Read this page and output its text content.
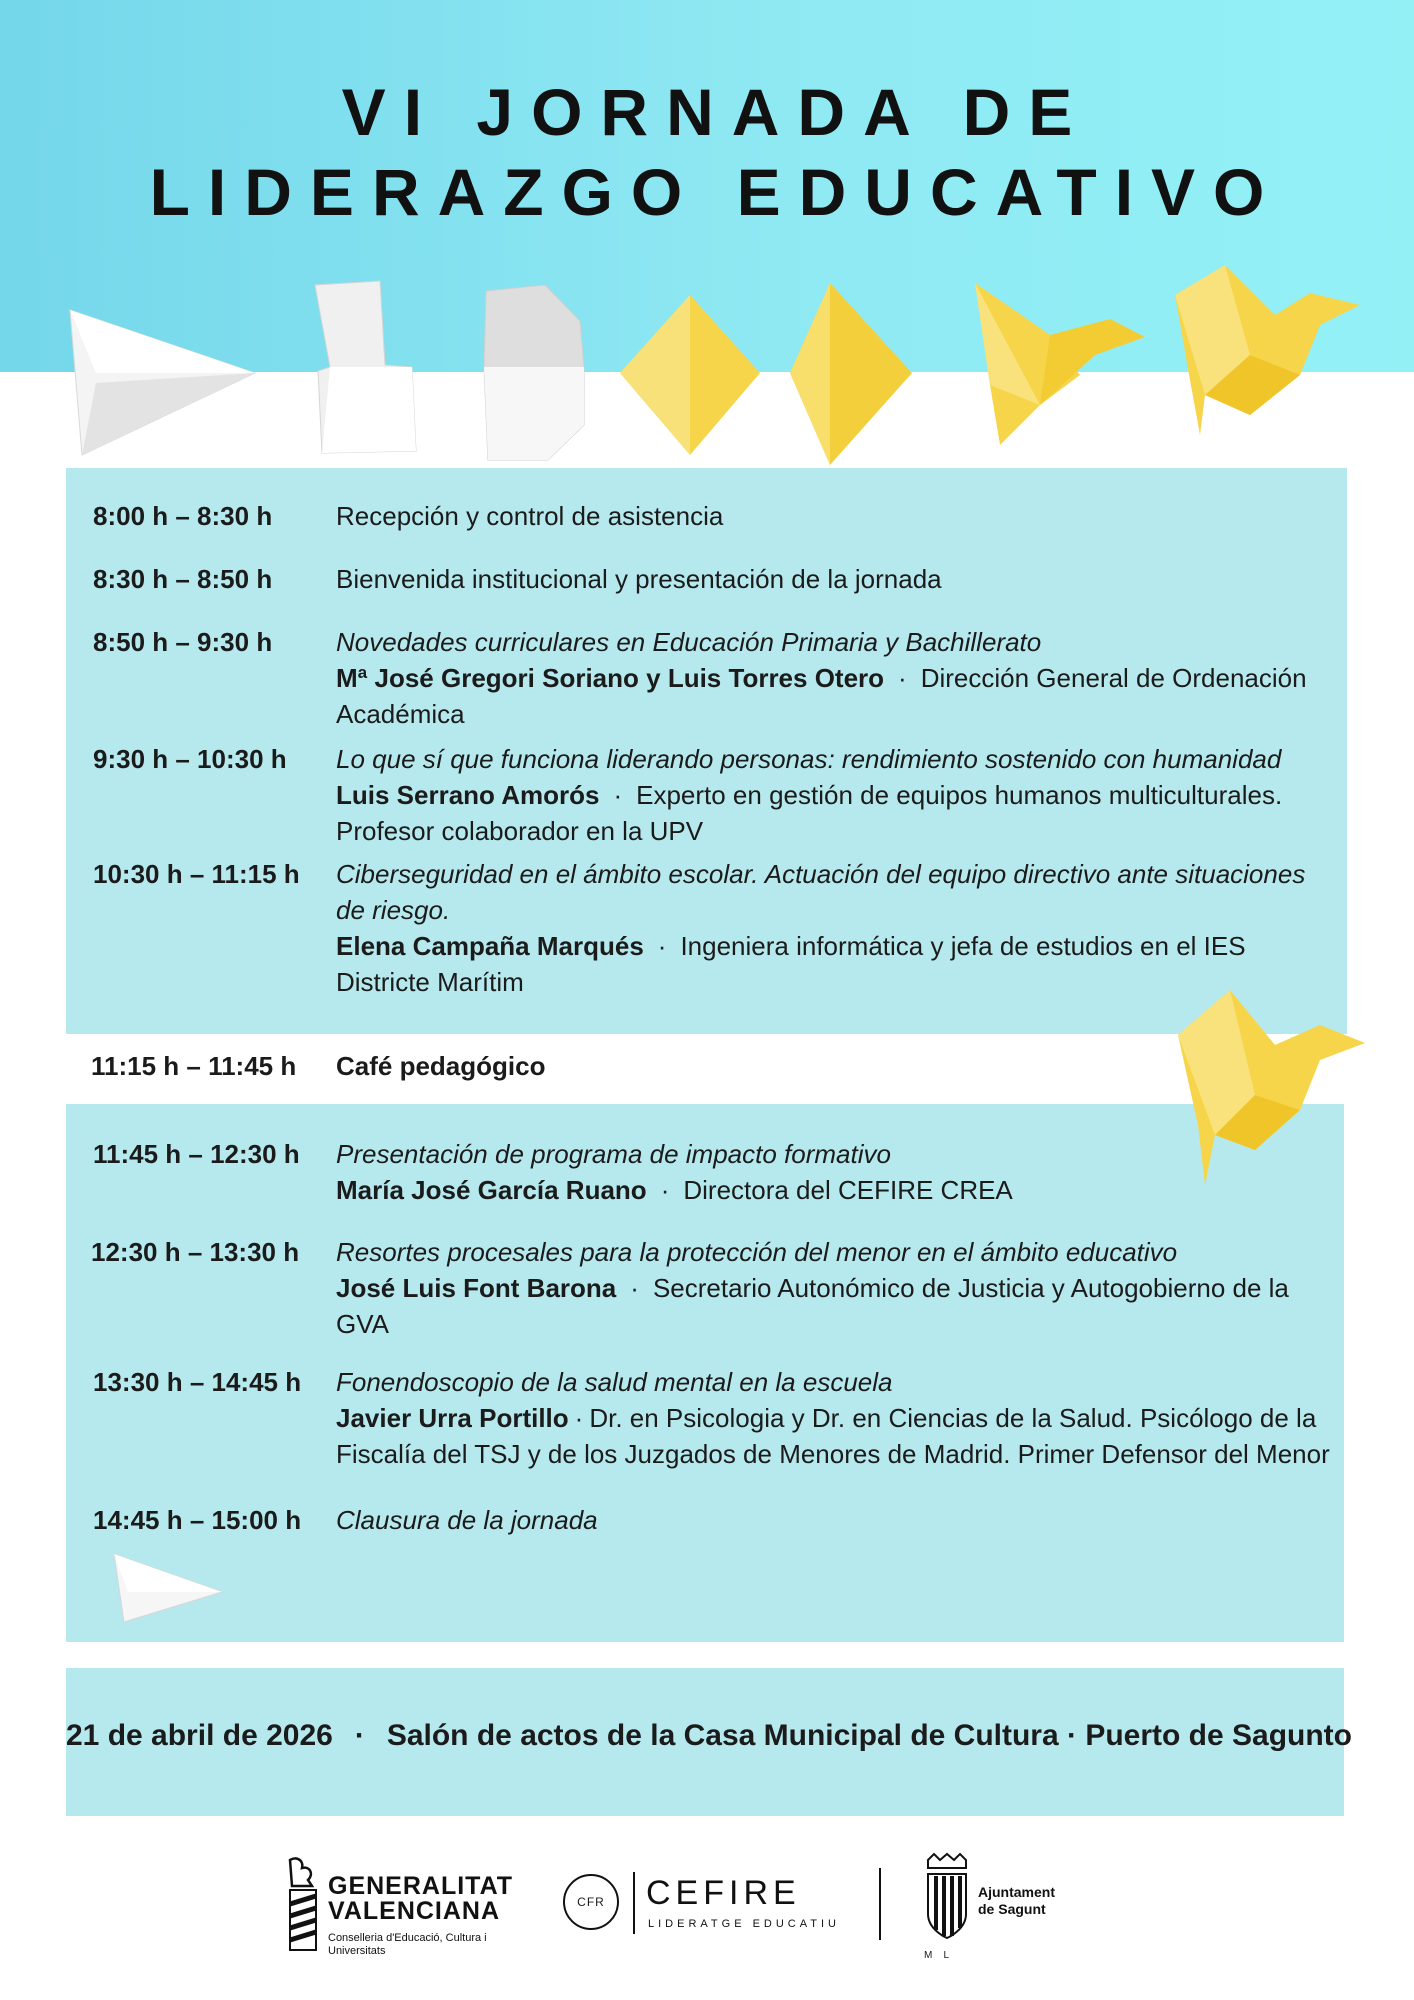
VI JORNADA DE
LIDERAZGO EDUCATIVO
8:00 h – 8:30 h	Recepción y control de asistencia
8:30 h – 8:50 h	Bienvenida institucional y presentación de la jornada
8:50 h – 9:30 h	Novedades curriculares en Educación Primaria y Bachillerato
Mª José Gregori Soriano y Luis Torres Otero · Dirección General de Ordenación Académica
9:30 h – 10:30 h	Lo que sí que funciona liderando personas: rendimiento sostenido con humanidad
Luis Serrano Amorós · Experto en gestión de equipos humanos multiculturales. Profesor colaborador en la UPV
10:30 h – 11:15 h	Ciberseguridad en el ámbito escolar. Actuación del equipo directivo ante situaciones de riesgo.
Elena Campaña Marqués · Ingeniera informática y jefa de estudios en el IES Districte Marítim
11:15 h – 11:45 h	Café pedagógico
11:45 h – 12:30 h	Presentación de programa de impacto formativo
María José García Ruano · Directora del CEFIRE CREA
12:30 h – 13:30 h	Resortes procesales para la protección del menor en el ámbito educativo
José Luis Font Barona · Secretario Autonómico de Justicia y Autogobierno de la GVA
13:30 h – 14:45 h	Fonendoscopio de la salud mental en la escuela
Javier Urra Portillo · Dr. en Psicologia y Dr. en Ciencias de la Salud. Psicólogo de la Fiscalía del TSJ y de los Juzgados de Menores de Madrid. Primer Defensor del Menor
14:45 h – 15:00 h	Clausura de la jornada
21 de abril de 2026 · Salón de actos de la Casa Municipal de Cultura · Puerto de Sagunto
GENERALITAT
VALENCIANA
Conselleria d'Educació, Cultura i Universitats
CFR	CEFIRE
LIDERATGE EDUCATIU
M    L
Ajuntament
de Sagunt
